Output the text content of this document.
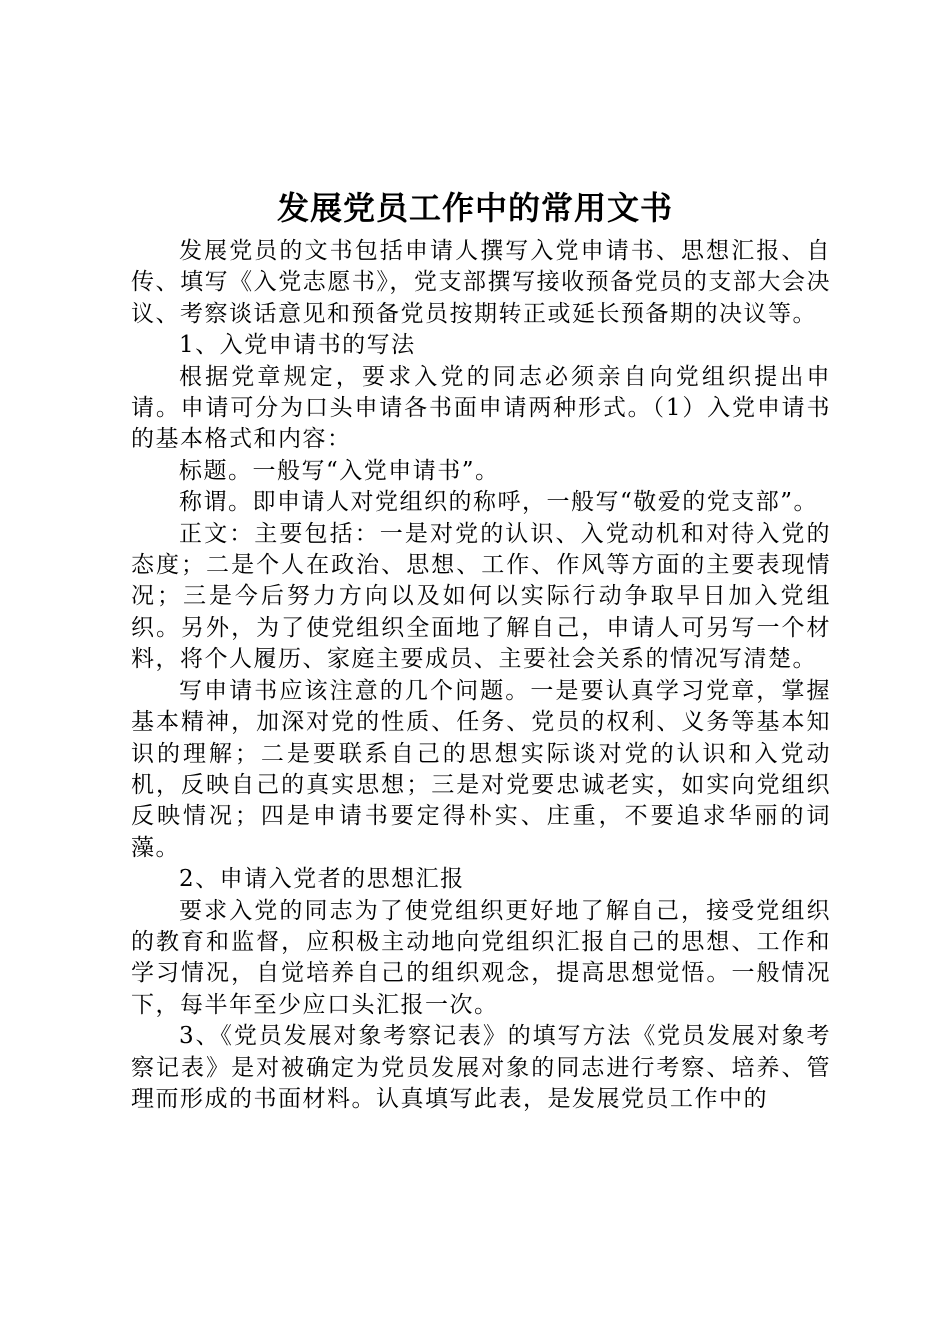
发展党员工作中的常用文书

发展党员的文书包括申请人撰写入党申请书、思想汇报、自传、填写《入党志愿书》，党支部撰写接收预备党员的支部大会决议、考察谈话意见和预备党员按期转正或延长预备期的决议等。

1、入党申请书的写法

根据党章规定，要求入党的同志必须亲自向党组织提出申请。申请可分为口头申请各书面申请两种形式。（1）入党申请书的基本格式和内容：

标题。一般写“入党申请书”。

称谓。即申请人对党组织的称呼，一般写“敬爱的党支部”。

正文：主要包括：一是对党的认识、入党动机和对待入党的态度；二是个人在政治、思想、工作、作风等方面的主要表现情况；三是今后努力方向以及如何以实际行动争取早日加入党组织。另外，为了使党组织全面地了解自己，申请人可另写一个材料，将个人履历、家庭主要成员、主要社会关系的情况写清楚。

写申请书应该注意的几个问题。一是要认真学习党章，掌握基本精神，加深对党的性质、任务、党员的权利、义务等基本知识的理解；二是要联系自己的思想实际谈对党的认识和入党动机，反映自己的真实思想；三是对党要忠诚老实，如实向党组织反映情况；四是申请书要定得朴实、庄重，不要追求华丽的词藻。

2、申请入党者的思想汇报

要求入党的同志为了使党组织更好地了解自己，接受党组织的教育和监督，应积极主动地向党组织汇报自己的思想、工作和学习情况，自觉培养自己的组织观念，提高思想觉悟。一般情况下，每半年至少应口头汇报一次。

3、《党员发展对象考察记表》的填写方法《党员发展对象考察记表》是对被确定为党员发展对象的同志进行考察、培养、管理而形成的书面材料。认真填写此表，是发展党员工作中的
